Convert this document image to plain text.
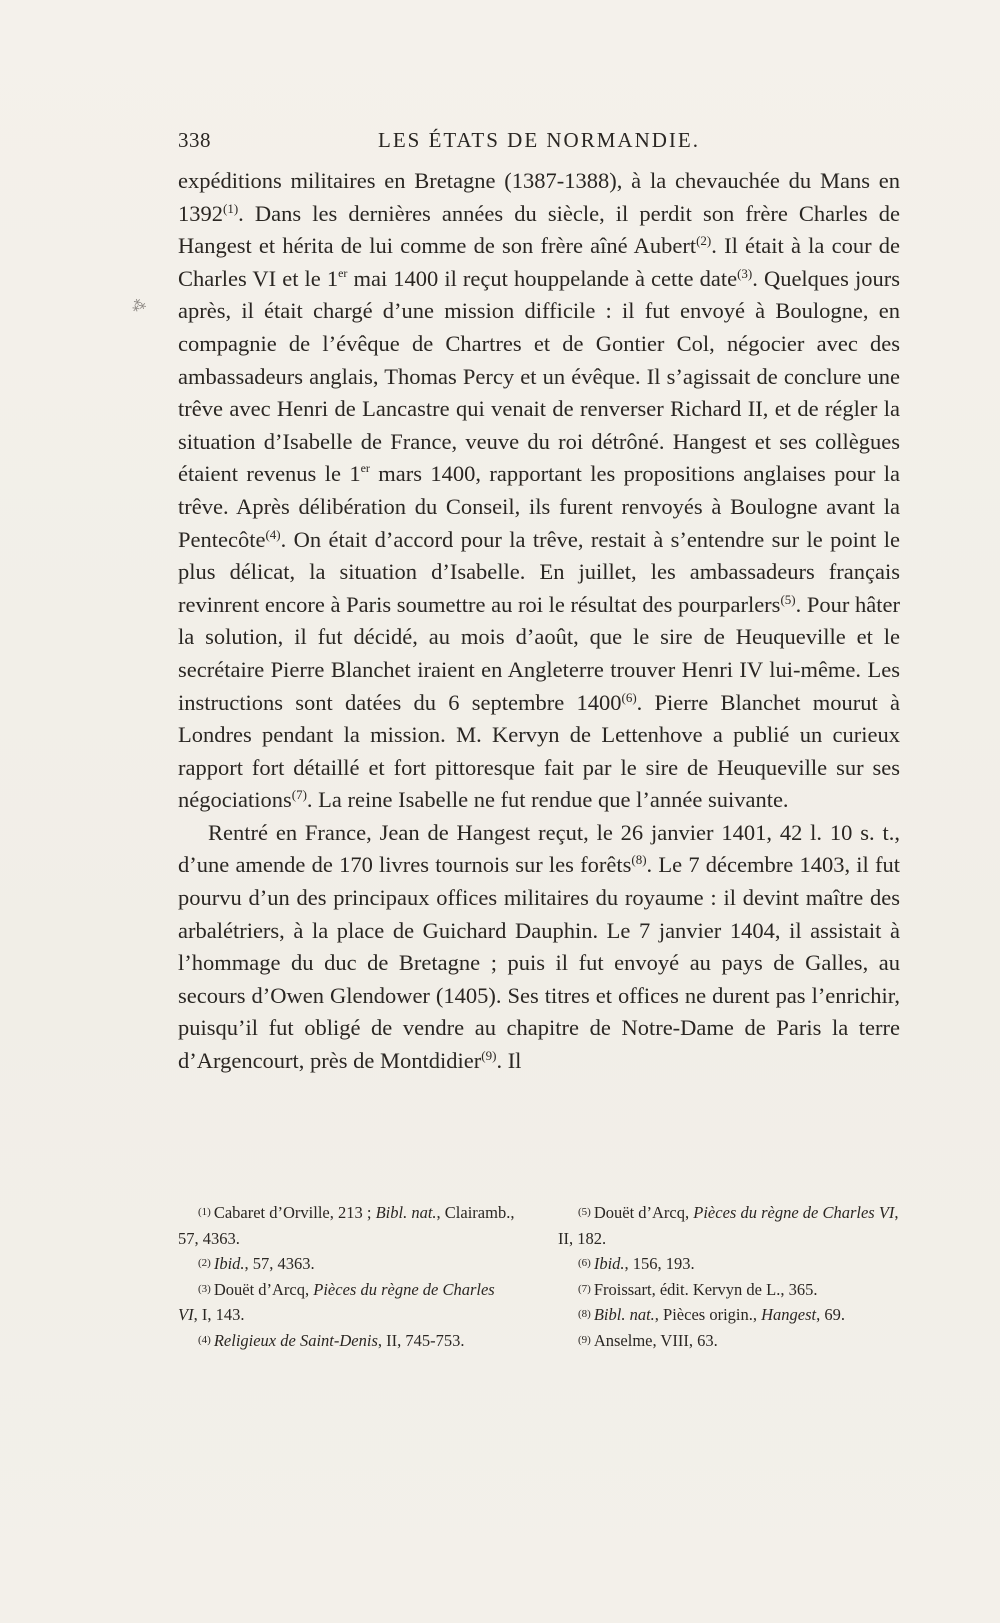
⁂
338	LES ÉTATS DE NORMANDIE.

expéditions militaires en Bretagne (1387-1388), à la chevauchée du Mans en 1392$^{(1)}$. Dans les dernières années du siècle, il perdit son frère Charles de Hangest et hérita de lui comme de son frère aîné Aubert$^{(2)}$. Il était à la cour de Charles VI et le 1er mai 1400 il reçut houppelande à cette date$^{(3)}$. Quelques jours après, il était chargé d’une mission difficile : il fut envoyé à Boulogne, en compagnie de l’évêque de Chartres et de Gontier Col, négocier avec des ambassadeurs anglais, Thomas Percy et un évêque. Il s’agissait de conclure une trêve avec Henri de Lancastre qui venait de renverser Richard II, et de régler la situation d’Isabelle de France, veuve du roi détrôné. Hangest et ses collègues étaient revenus le 1er mars 1400, rapportant les propositions anglaises pour la trêve. Après délibération du Conseil, ils furent renvoyés à Boulogne avant la Pentecôte$^{(4)}$. On était d’accord pour la trêve, restait à s’entendre sur le point le plus délicat, la situation d’Isabelle. En juillet, les ambassadeurs français revinrent encore à Paris soumettre au roi le résultat des pourparlers$^{(5)}$. Pour hâter la solution, il fut décidé, au mois d’août, que le sire de Heuqueville et le secrétaire Pierre Blanchet iraient en Angleterre trouver Henri IV lui-même. Les instructions sont datées du 6 septembre 1400$^{(6)}$. Pierre Blanchet mourut à Londres pendant la mission. M. Kervyn de Lettenhove a publié un curieux rapport fort détaillé et fort pittoresque fait par le sire de Heuqueville sur ses négociations$^{(7)}$. La reine Isabelle ne fut rendue que l’année suivante.

Rentré en France, Jean de Hangest reçut, le 26 janvier 1401, 42 l. 10 s. t., d’une amende de 170 livres tournois sur les forêts$^{(8)}$. Le 7 décembre 1403, il fut pourvu d’un des principaux offices militaires du royaume : il devint maître des arbalétriers, à la place de Guichard Dauphin. Le 7 janvier 1404, il assistait à l’hommage du duc de Bretagne ; puis il fut envoyé au pays de Galles, au secours d’Owen Glendower (1405). Ses titres et offices ne durent pas l’enrichir, puisqu’il fut obligé de vendre au chapitre de Notre-Dame de Paris la terre d’Argencourt, près de Montdidier$^{(9)}$. Il

(1) Cabaret d’Orville, 213 ; Bibl. nat., Clairamb., 57, 4363.

(2) Ibid., 57, 4363.

(3) Douët d’Arcq, Pièces du règne de Charles VI, I, 143.

(4) Religieux de Saint-Denis, II, 745-753.

(5) Douët d’Arcq, Pièces du règne de Charles VI, II, 182.

(6) Ibid., 156, 193.

(7) Froissart, édit. Kervyn de L., 365.

(8) Bibl. nat., Pièces origin., Hangest, 69.

(9) Anselme, VIII, 63.
